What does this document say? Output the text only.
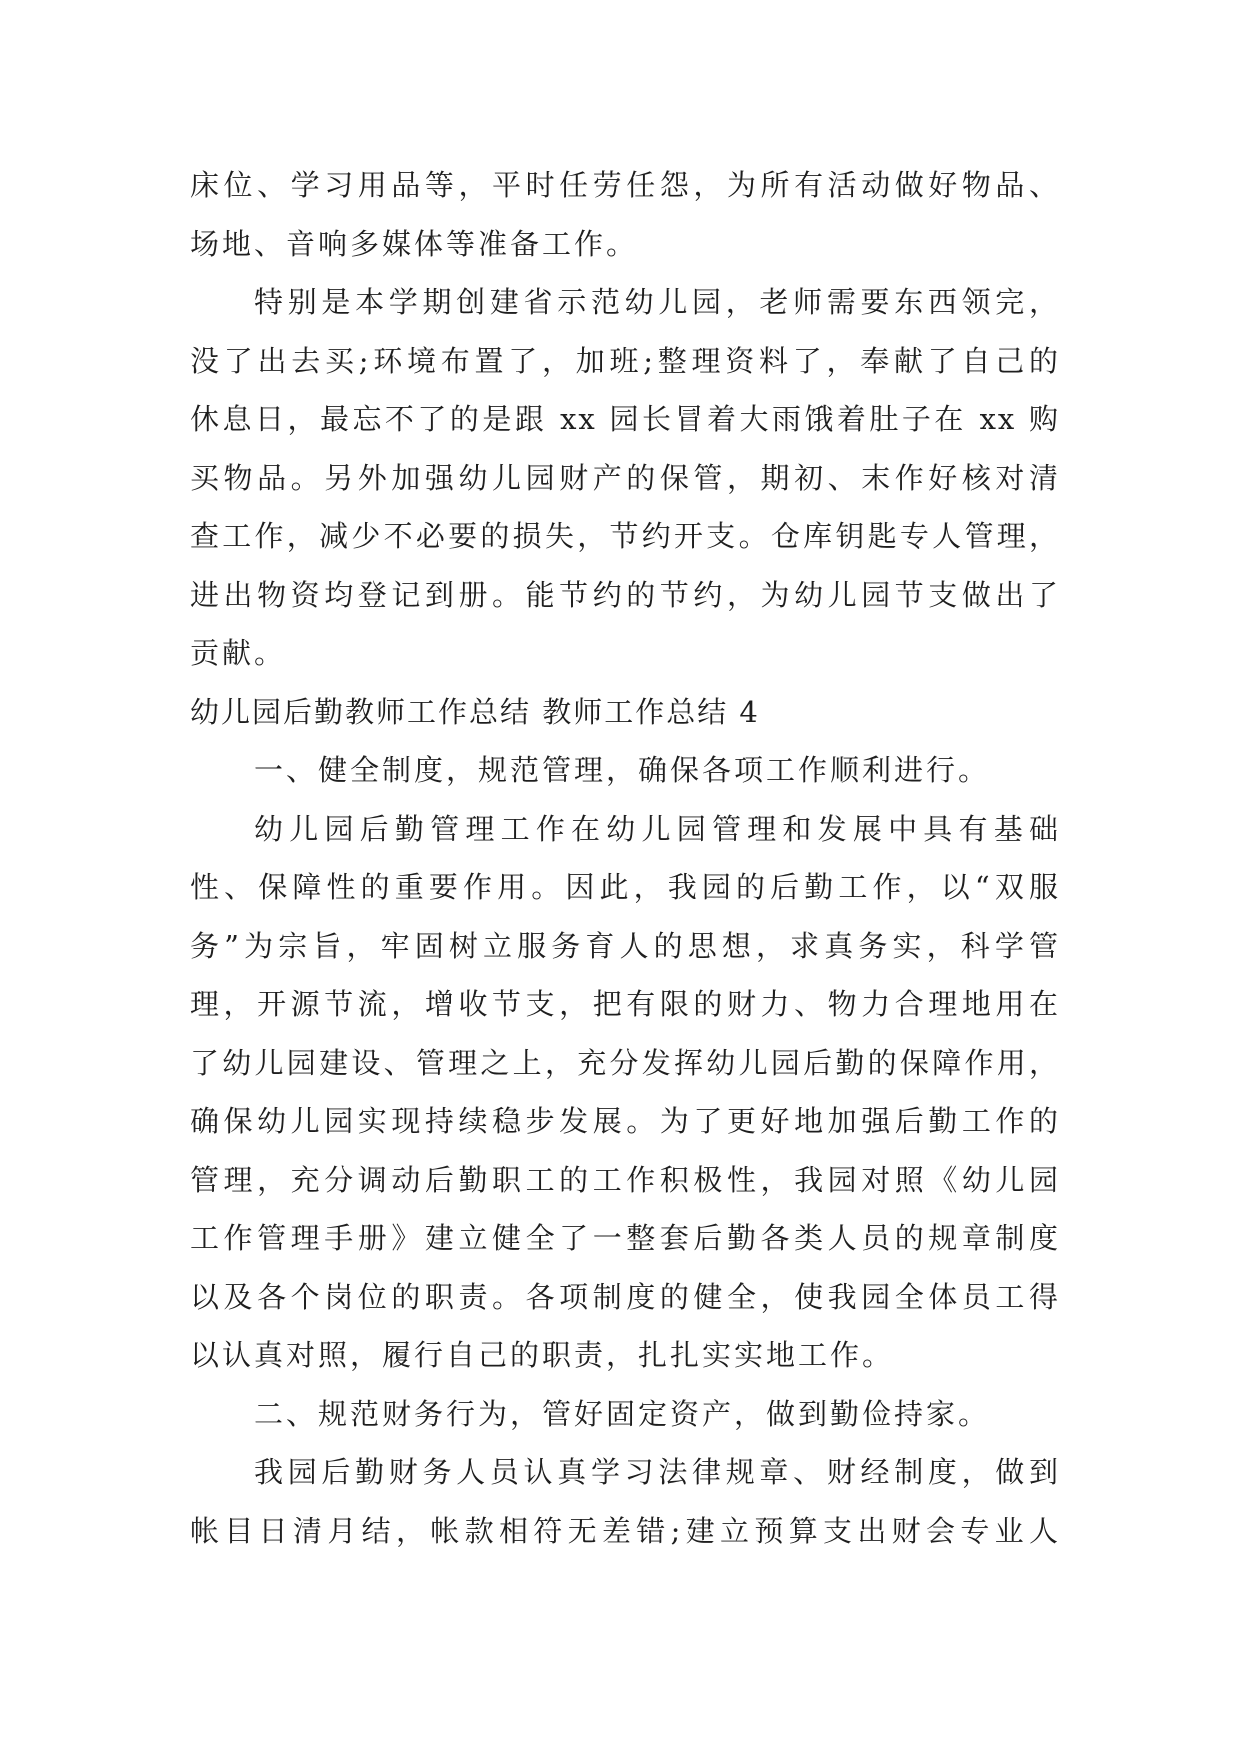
床位、学习用品等，平时任劳任怨，为所有活动做好物品、
场地、音响多媒体等准备工作。
特别是本学期创建省示范幼儿园，老师需要东西领完，
没了出去买;环境布置了，加班;整理资料了，奉献了自己的
休息日，最忘不了的是跟 xx 园长冒着大雨饿着肚子在 xx 购
买物品。另外加强幼儿园财产的保管，期初、末作好核对清
查工作，减少不必要的损失，节约开支。仓库钥匙专人管理，
进出物资均登记到册。能节约的节约，为幼儿园节支做出了
贡献。
幼儿园后勤教师工作总结 教师工作总结 4
一、健全制度，规范管理，确保各项工作顺利进行。
幼儿园后勤管理工作在幼儿园管理和发展中具有基础
性、保障性的重要作用。因此，我园的后勤工作，以“双服
务”为宗旨，牢固树立服务育人的思想，求真务实，科学管
理，开源节流，增收节支，把有限的财力、物力合理地用在
了幼儿园建设、管理之上，充分发挥幼儿园后勤的保障作用，
确保幼儿园实现持续稳步发展。为了更好地加强后勤工作的
管理，充分调动后勤职工的工作积极性，我园对照《幼儿园
工作管理手册》建立健全了一整套后勤各类人员的规章制度
以及各个岗位的职责。各项制度的健全，使我园全体员工得
以认真对照，履行自己的职责，扎扎实实地工作。
二、规范财务行为，管好固定资产，做到勤俭持家。
我园后勤财务人员认真学习法律规章、财经制度，做到
帐目日清月结，帐款相符无差错;建立预算支出财会专业人
